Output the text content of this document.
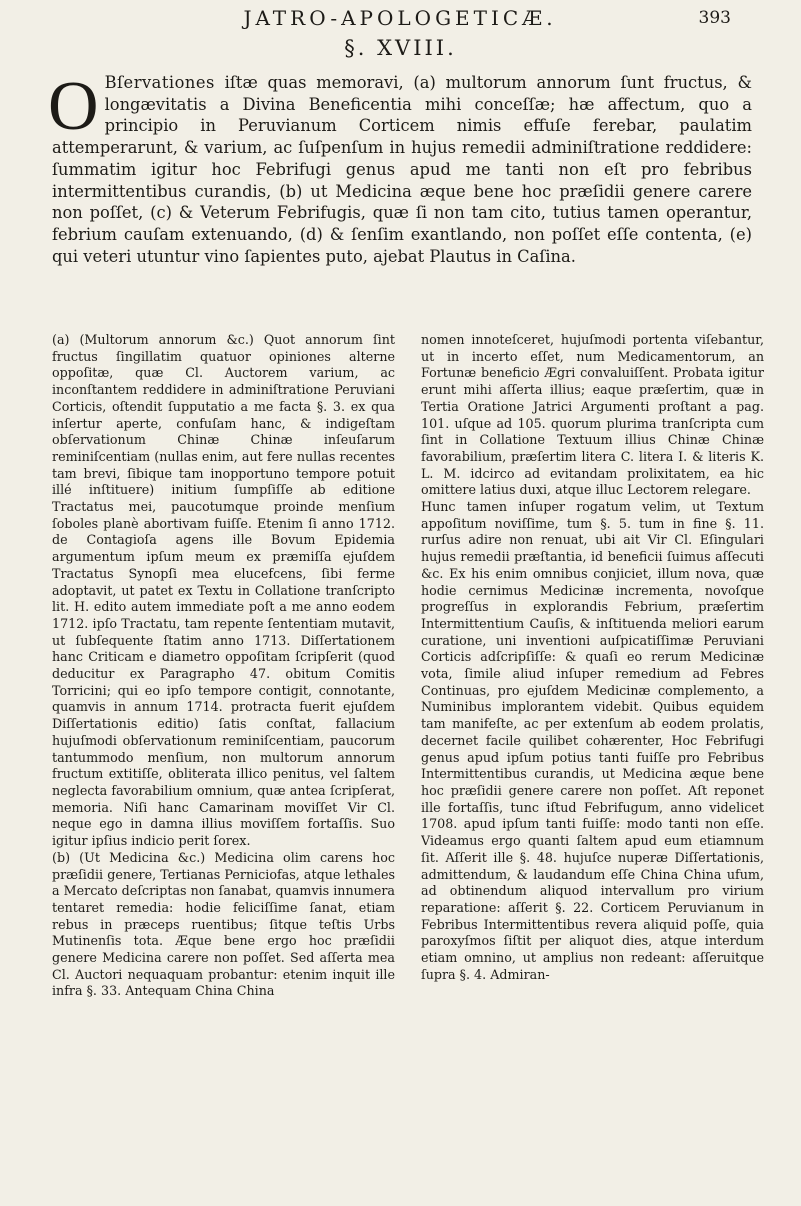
JATRO-APOLOGETICÆ.	393
§. XVIII.
O Bſervationes iſtæ quas memoravi, (a) multorum annorum ſunt fructus, & longævitatis a Divina Beneficentia mihi conceſſæ; hæ affectum, quo a principio in Peruvianum Corticem nimis effuſe ferebar, paulatim attemperarunt, & varium, ac ſuſpenſum in hujus remedii adminiſtratione reddidere: ſummatim igitur hoc Febrifugi genus apud me tanti non eſt pro febribus intermittentibus curandis, (b) ut Medicina æque bene hoc præſidii genere carere non poſſet, (c) & Veterum Febrifugis, quæ ſi non tam cito, tutius tamen operantur, febrium cauſam extenuando, (d) & ſenſim exantlando, non poſſet eſſe contenta, (e) qui veteri utuntur vino ſapientes puto, ajebat Plautus in Caſina.

(a) (Multorum annorum &c.) Quot annorum ſint fructus ſingillatim quatuor opiniones alterne oppoſitæ, quæ Cl. Auctorem varium, ac inconſtantem reddidere in adminiſtratione Peruviani Corticis, oſtendit ſupputatio a me facta §. 3. ex qua inſertur aperte, confuſam hanc, & indigeſtam obſervationum Chinæ Chinæ inſeuſarum reminiſcentiam (nullas enim, aut fere nullas recentes tam brevi, ſibique tam inopportuno tempore potuit illé inſtituere) initium ſumpſiſſe ab editione Tractatus mei, paucotumque proinde menſium ſoboles planè abortivam fuiſſe. Etenim ſi anno 1712. de Contagioſa agens ille Bovum Epidemia argumentum ipſum meum ex præmiſſa ejuſdem Tractatus Synopſi mea elucefcens, ſibi ferme adoptavit, ut patet ex Textu in Collatione tranſcripto lit. H. edito autem immediate poſt a me anno eodem 1712. ipſo Tractatu, tam repente ſententiam mutavit, ut ſubſequente ſtatim anno 1713. Diſſertationem hanc Criticam e diametro oppoſitam ſcripſerit (quod deducitur ex Paragrapho 47. obitum Comitis Torricini; qui eo ipſo tempore contigit, connotante, quamvis in annum 1714. protracta fuerit ejuſdem Diſſertationis editio) ſatis conſtat, fallacium hujuſmodi obſervationum reminiſcentiam, paucorum tantummodo menſium, non multorum annorum fructum extitiſſe, obliterata illico penitus, vel ſaltem neglecta favorabilium omnium, quæ antea ſcripſerat, memoria. Niſi hanc Camarinam moviſſet Vir Cl. neque ego in damna illius moviſſem fortaſſis. Suo igitur ipſius indicio perit ſorex.

(b) (Ut Medicina &c.) Medicina olim carens hoc præſidii genere, Tertianas Perniciofas, atque lethales a Mercato deſcriptas non ſanabat, quamvis innumera tentaret remedia: hodie feliciſſime ſanat, etiam rebus in præceps ruentibus; ſitque teſtis Urbs Mutinenſis tota. Æque bene ergo hoc præſidii genere Medicina carere non poſſet. Sed aſſerta mea Cl. Auctori nequaquam probantur: etenim inquit ille infra §. 33. Antequam China China

nomen innoteſceret, hujuſmodi portenta viſebantur, ut in incerto eſſet, num Medicamentorum, an Fortunæ beneficio Ægri convaluiſſent. Probata igitur erunt mihi aſſerta illius; eaque præſertim, quæ in Tertia Oratione Jatrici Argumenti proſtant a pag. 101. uſque ad 105. quorum plurima tranſcripta cum ſint in Collatione Textuum illius Chinæ Chinæ favorabilium, præſertim litera C. litera I. & literis K. L. M. idcirco ad evitandam prolixitatem, ea hic omittere latius duxi, atque illuc Lectorem relegare.

Hunc tamen inſuper rogatum velim, ut Textum appoſitum noviſſime, tum §. 5. tum in fine §. 11. rurſus adire non renuat, ubi ait Vir Cl. Eſingulari hujus remedii præſtantia, id beneficii ſuimus aſſecuti &c. Ex his enim omnibus conjiciet, illum nova, quæ hodie cernimus Medicinæ incrementa, novoſque progreſſus in explorandis Febrium, præſertim Intermittentium Cauſis, & inſtituenda meliori earum curatione, uni inventioni auſpicatiſſimæ Peruviani Corticis adſcripſiſſe: & quaſi eo rerum Medicinæ vota, ſimile aliud inſuper remedium ad Febres Continuas, pro ejuſdem Medicinæ complemento, a Numinibus implorantem videbit. Quibus equidem tam manifeſte, ac per extenſum ab eodem prolatis, decernet facile quilibet cohærenter, Hoc Febrifugi genus apud ipſum potius tanti fuiſſe pro Febribus Intermittentibus curandis, ut Medicina æque bene hoc præſidii genere carere non poſſet. Aſt reponet ille fortaſſis, tunc iſtud Febrifugum, anno videlicet 1708. apud ipſum tanti fuiſſe: modo tanti non eſſe. Videamus ergo quanti ſaltem apud eum etiamnum ſit. Aſſerit ille §. 48. hujuſce nuperæ Diſſertationis, admittendum, & laudandum eſſe China China ufum, ad obtinendum aliquod intervallum pro virium reparatione: aſſerit §. 22. Corticem Peruvianum in Febribus Intermittentibus revera aliquid poſſe, quia paroxyſmos ſiſtit per aliquot dies, atque interdum etiam omnino, ut amplius non redeant: aſſeruitque ſupra §. 4. Admiran-
